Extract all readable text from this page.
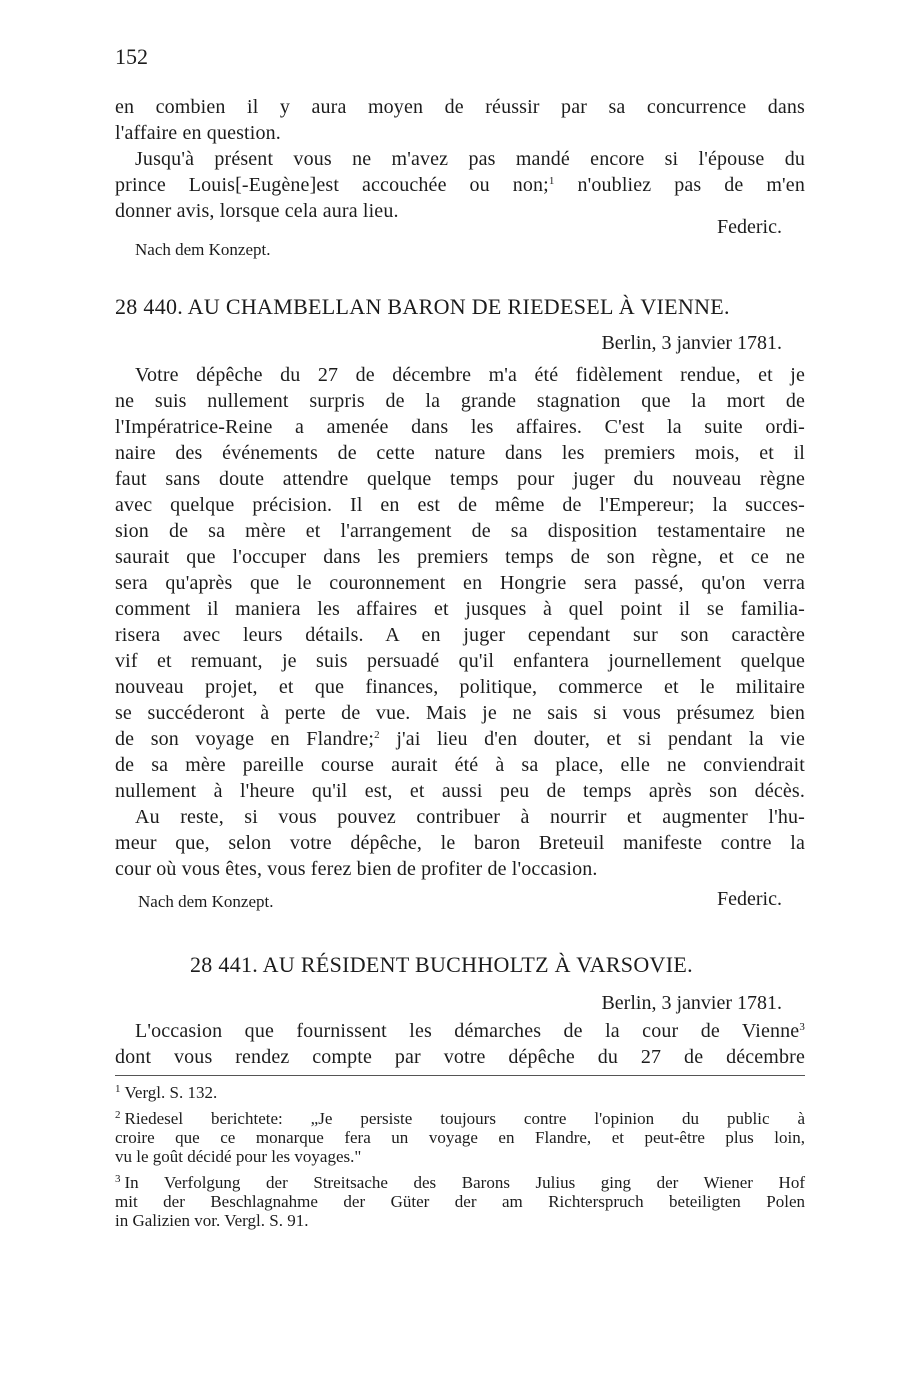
152
en combien il y aura moyen de réussir par sa concurrence dans
l'affaire en question.
Jusqu'à présent vous ne m'avez pas mandé encore si l'épouse du
prince Louis[-Eugène]est accouchée ou non;$^1$ n'oubliez pas de m'en
donner avis, lorsque cela aura lieu.
Federic.
Nach dem Konzept.
28 440. AU CHAMBELLAN BARON DE RIEDESEL À VIENNE.
Berlin, 3 janvier 1781.
Votre dépêche du 27 de décembre m'a été fidèlement rendue, et je
ne suis nullement surpris de la grande stagnation que la mort de
l'Impératrice-Reine a amenée dans les affaires. C'est la suite ordi-
naire des événements de cette nature dans les premiers mois, et il
faut sans doute attendre quelque temps pour juger du nouveau règne
avec quelque précision. Il en est de même de l'Empereur; la succes-
sion de sa mère et l'arrangement de sa disposition testamentaire ne
saurait que l'occuper dans les premiers temps de son règne, et ce ne
sera qu'après que le couronnement en Hongrie sera passé, qu'on verra
comment il maniera les affaires et jusques à quel point il se familia-
risera avec leurs détails. A en juger cependant sur son caractère
vif et remuant, je suis persuadé qu'il enfantera journellement quelque
nouveau projet, et que finances, politique, commerce et le militaire
se succéderont à perte de vue. Mais je ne sais si vous présumez bien
de son voyage en Flandre;$^2$ j'ai lieu d'en douter, et si pendant la vie
de sa mère pareille course aurait été à sa place, elle ne conviendrait
nullement à l'heure qu'il est, et aussi peu de temps après son décès.
Au reste, si vous pouvez contribuer à nourrir et augmenter l'hu-
meur que, selon votre dépêche, le baron Breteuil manifeste contre la
cour où vous êtes, vous ferez bien de profiter de l'occasion.
Nach dem Konzept.	Federic.
28 441. AU RÉSIDENT BUCHHOLTZ À VARSOVIE.
Berlin, 3 janvier 1781.
L'occasion que fournissent les démarches de la cour de Vienne$^3$
dont vous rendez compte par votre dépêche du 27 de décembre
$^1$ Vergl. S. 132.
$^2$ Riedesel berichtete: „Je persiste toujours contre l'opinion du public à
croire que ce monarque fera un voyage en Flandre, et peut-être plus loin,
vu le goût décidé pour les voyages."
$^3$ In Verfolgung der Streitsache des Barons Julius ging der Wiener Hof
mit der Beschlagnahme der Güter der am Richterspruch beteiligten Polen
in Galizien vor. Vergl. S. 91.
